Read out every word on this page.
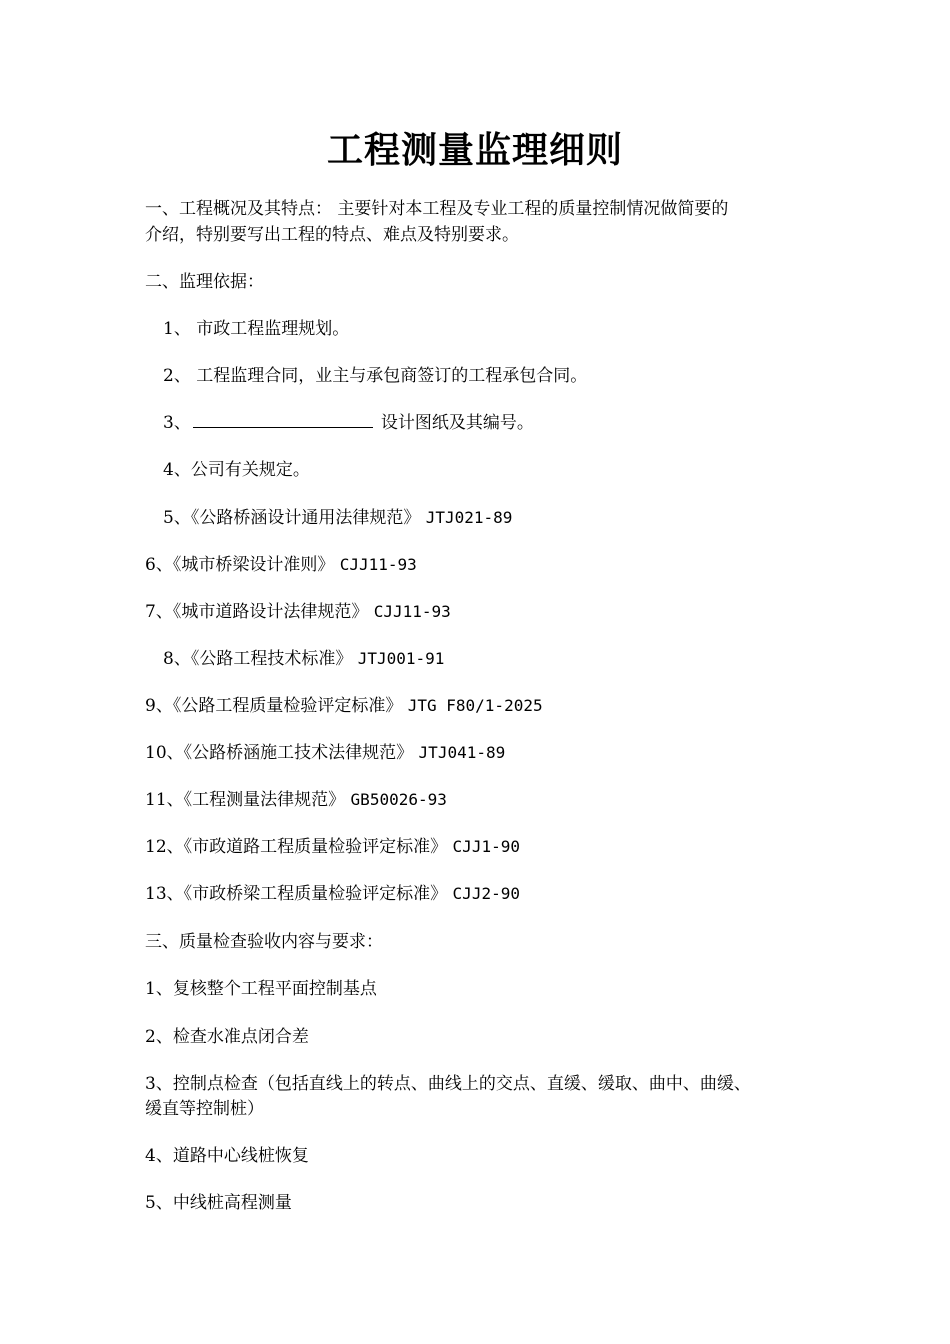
工程测量监理细则
一、工程概况及其特点： 主要针对本工程及专业工程的质量控制情况做简要的
介绍，特别要写出工程的特点、难点及特别要求。
二、监理依据：
1、 市政工程监理规划。
2、 工程监理合同，业主与承包商签订的工程承包合同。
3、	设计图纸及其编号。
4、公司有关规定。
5、《公路桥涵设计通用法律规范》 JTJ021-89
6、《城市桥梁设计准则》 CJJ11-93
7、《城市道路设计法律规范》 CJJ11-93
8、《公路工程技术标准》 JTJ001-91
9、《公路工程质量检验评定标准》 JTG F80/1-2025
10、《公路桥涵施工技术法律规范》 JTJ041-89
11、《工程测量法律规范》 GB50026-93
12、《市政道路工程质量检验评定标准》 CJJ1-90
13、《市政桥梁工程质量检验评定标准》 CJJ2-90
三、质量检查验收内容与要求：
1、复核整个工程平面控制基点
2、检查水准点闭合差
3、控制点检查（包括直线上的转点、曲线上的交点、直缓、缓取、曲中、曲缓、
缓直等控制桩）
4、道路中心线桩恢复
5、中线桩高程测量
